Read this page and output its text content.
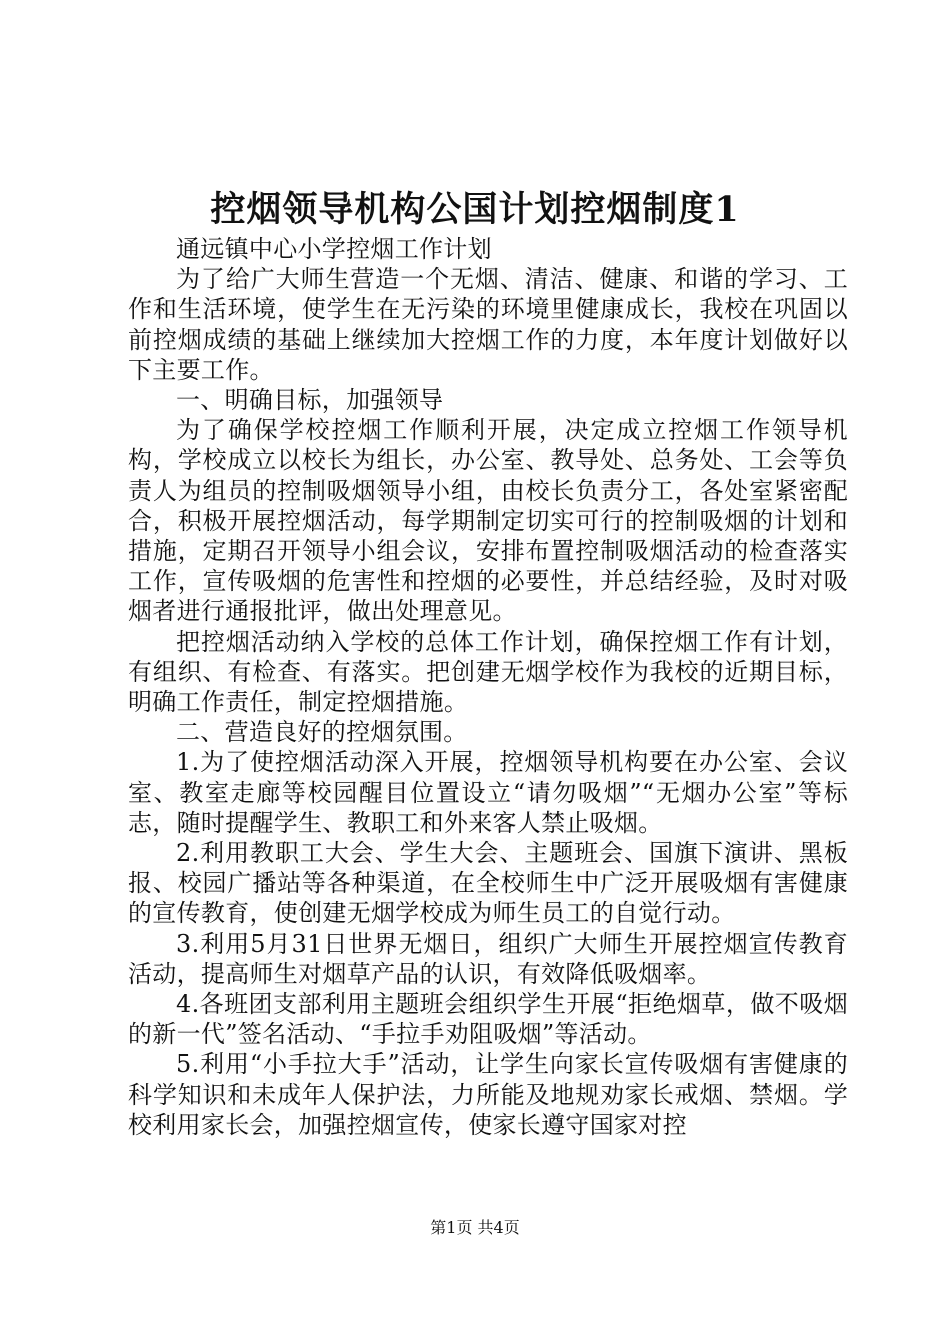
控烟领导机构公国计划控烟制度1

通远镇中心小学控烟工作计划

为了给广大师生营造一个无烟、清洁、健康、和谐的学习、工作和生活环境，使学生在无污染的环境里健康成长，我校在巩固以前控烟成绩的基础上继续加大控烟工作的力度，本年度计划做好以下主要工作。

一、明确目标，加强领导

为了确保学校控烟工作顺利开展，决定成立控烟工作领导机构，学校成立以校长为组长，办公室、教导处、总务处、工会等负责人为组员的控制吸烟领导小组，由校长负责分工，各处室紧密配合，积极开展控烟活动，每学期制定切实可行的控制吸烟的计划和措施，定期召开领导小组会议，安排布置控制吸烟活动的检查落实工作，宣传吸烟的危害性和控烟的必要性，并总结经验，及时对吸烟者进行通报批评，做出处理意见。

把控烟活动纳入学校的总体工作计划，确保控烟工作有计划，有组织、有检查、有落实。把创建无烟学校作为我校的近期目标，明确工作责任，制定控烟措施。

二、营造良好的控烟氛围。

1.为了使控烟活动深入开展，控烟领导机构要在办公室、会议室、教室走廊等校园醒目位置设立“请勿吸烟”“无烟办公室”等标志，随时提醒学生、教职工和外来客人禁止吸烟。

2.利用教职工大会、学生大会、主题班会、国旗下演讲、黑板报、校园广播站等各种渠道，在全校师生中广泛开展吸烟有害健康的宣传教育，使创建无烟学校成为师生员工的自觉行动。

3.利用5月31日世界无烟日，组织广大师生开展控烟宣传教育活动，提高师生对烟草产品的认识，有效降低吸烟率。

4.各班团支部利用主题班会组织学生开展“拒绝烟草，做不吸烟的新一代”签名活动、“手拉手劝阻吸烟”等活动。

5.利用“小手拉大手”活动，让学生向家长宣传吸烟有害健康的科学知识和未成年人保护法，力所能及地规劝家长戒烟、禁烟。学校利用家长会，加强控烟宣传，使家长遵守国家对控

第1页 共4页
